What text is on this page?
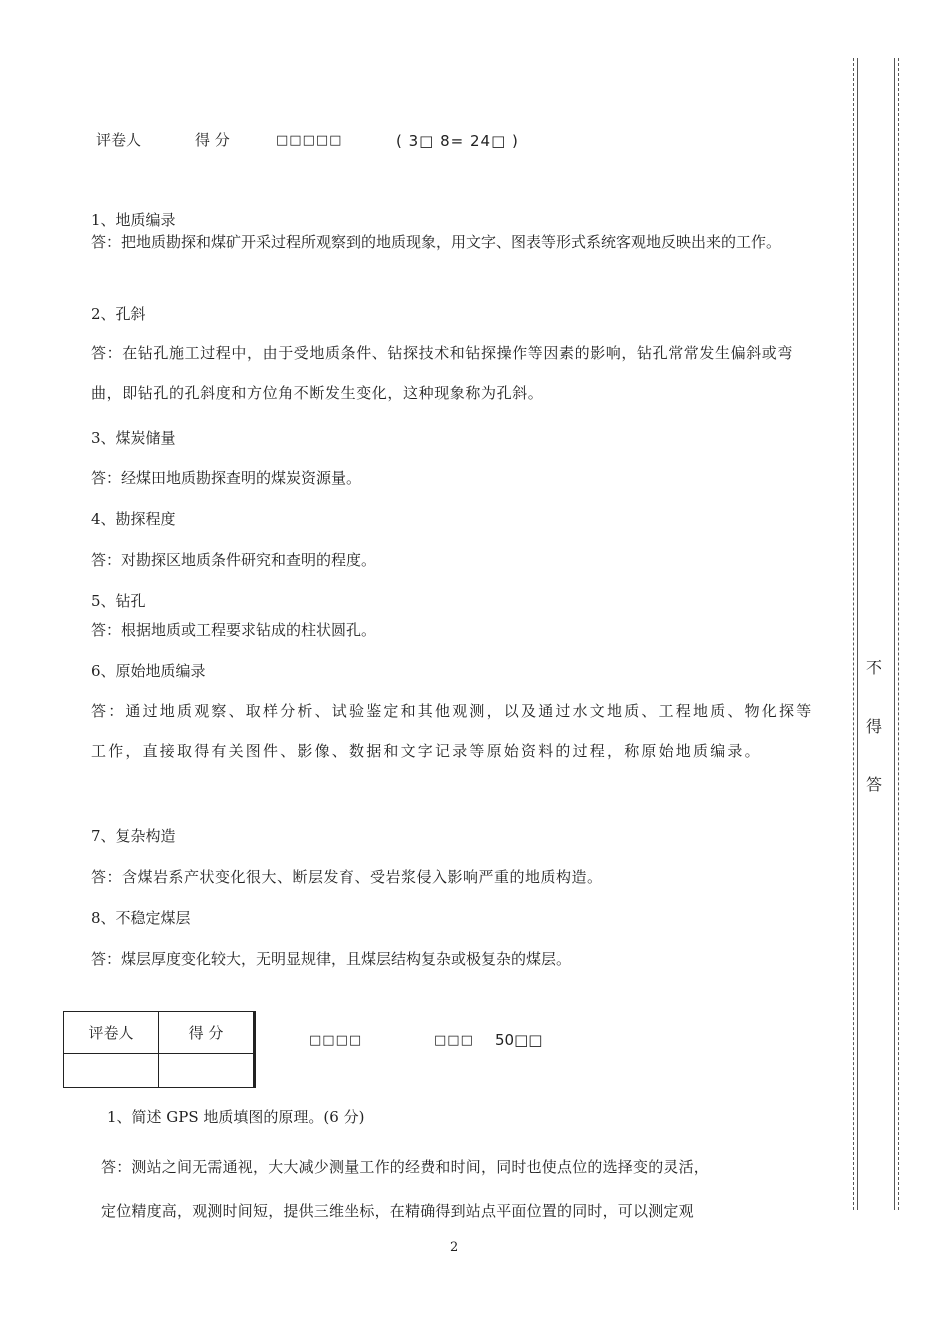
评卷人	得 分	□□□□□	( 3□ 8= 24□ )
1、地质编录
答：把地质勘探和煤矿开采过程所观察到的地质现象，用文字、图表等形式系统客观地反映出来的工作。
2、孔斜
答：在钻孔施工过程中，由于受地质条件、钻探技术和钻探操作等因素的影响，钻孔常常发生偏斜或弯曲，即钻孔的孔斜度和方位角不断发生变化，这种现象称为孔斜。
3、煤炭储量
答：经煤田地质勘探查明的煤炭资源量。
4、勘探程度
答：对勘探区地质条件研究和查明的程度。
5、钻孔
答：根据地质或工程要求钻成的柱状圆孔。
6、原始地质编录
答：通过地质观察、取样分析、试验鉴定和其他观测，以及通过水文地质、工程地质、物化探等工作，直接取得有关图件、影像、数据和文字记录等原始资料的过程，称原始地质编录。
7、复杂构造
答：含煤岩系产状变化很大、断层发育、受岩浆侵入影响严重的地质构造。
8、不稳定煤层
答：煤层厚度变化较大，无明显规律，且煤层结构复杂或极复杂的煤层。
评卷人	得 分
		□□□□	□□□ 50□□
1、简述 GPS 地质填图的原理。(6 分)
答：测站之间无需通视，大大减少测量工作的经费和时间，同时也使点位的选择变的灵活，
定位精度高，观测时间短，提供三维坐标，在精确得到站点平面位置的同时，可以测定观
不
得
答
2
